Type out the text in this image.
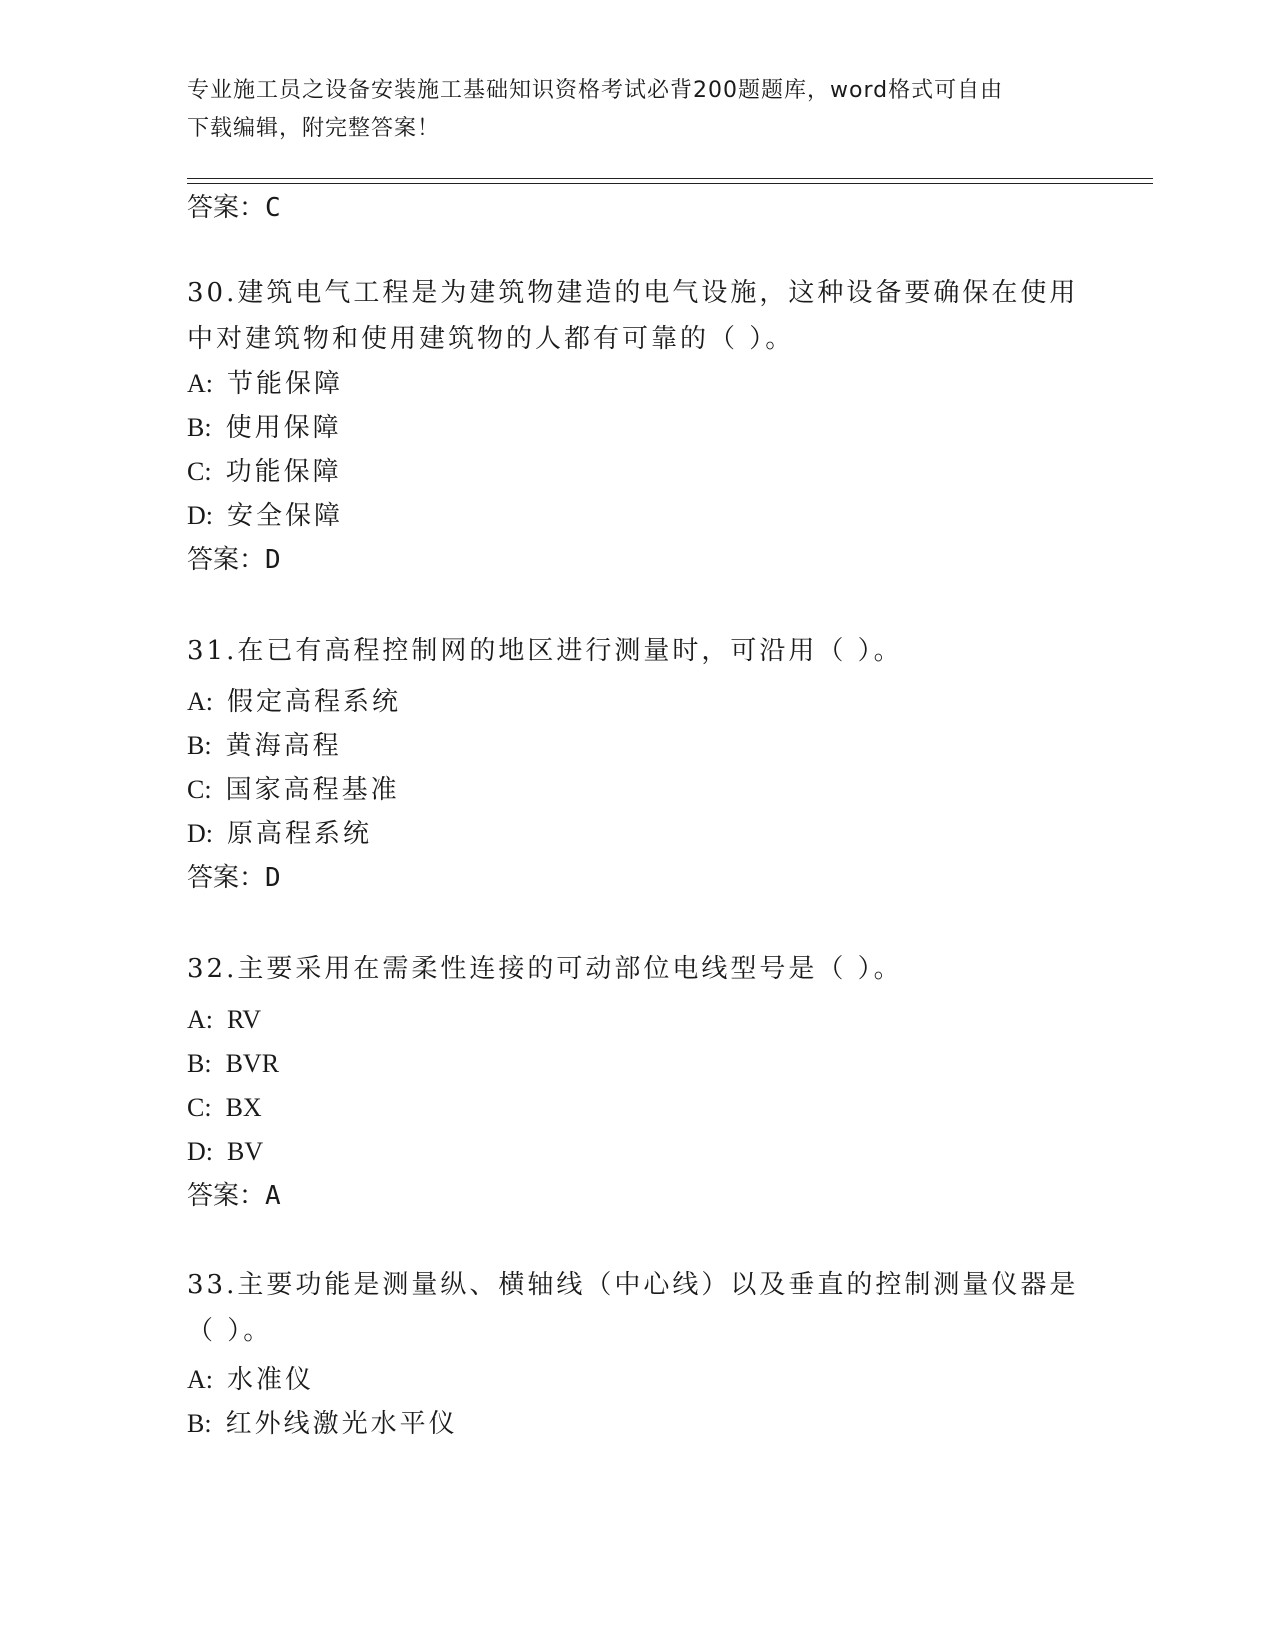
专业施工员之设备安装施工基础知识资格考试必背200题题库，word格式可自由
下载编辑，附完整答案！
答案：C
30.建筑电气工程是为建筑物建造的电气设施，这种设备要确保在使用
中对建筑物和使用建筑物的人都有可靠的（ ）。
A: 节能保障
B: 使用保障
C: 功能保障
D: 安全保障
答案：D
31.在已有高程控制网的地区进行测量时，可沿用（ ）。
A: 假定高程系统
B: 黄海高程
C: 国家高程基准
D: 原高程系统
答案：D
32.主要采用在需柔性连接的可动部位电线型号是（ ）。
A: RV
B: BVR
C: BX
D: BV
答案：A
33.主要功能是测量纵、横轴线（中心线）以及垂直的控制测量仪器是
（ ）。
A: 水准仪
B: 红外线激光水平仪
